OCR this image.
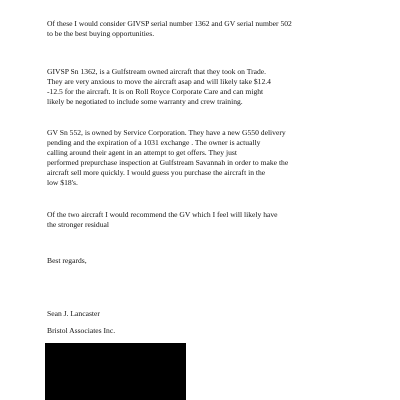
Of these I would consider GIVSP serial number 1362 and GV serial number 502
to be the best buying opportunities.
GIVSP Sn 1362, is a Gulfstream owned aircraft that they took on Trade.
They are very anxious to move the aircraft asap and will likely take $12.4
-12.5 for the aircraft. It is on Roll Royce Corporate Care and can might
likely be negotiated to include some warranty and crew training.
GV Sn 552, is owned by Service Corporation. They have a new G550 delivery
pending and the expiration of a 1031 exchange . The owner is actually
calling around their agent in an attempt to get offers. They just
performed prepurchase inspection at Gulfstream Savannah in order to make the
aircraft sell more quickly. I would guess you purchase the aircraft in the
low $18's.
Of the two aircraft I would recommend the GV which I feel will likely have
the stronger residual
Best regards,
Sean J. Lancaster
Bristol Associates Inc.
